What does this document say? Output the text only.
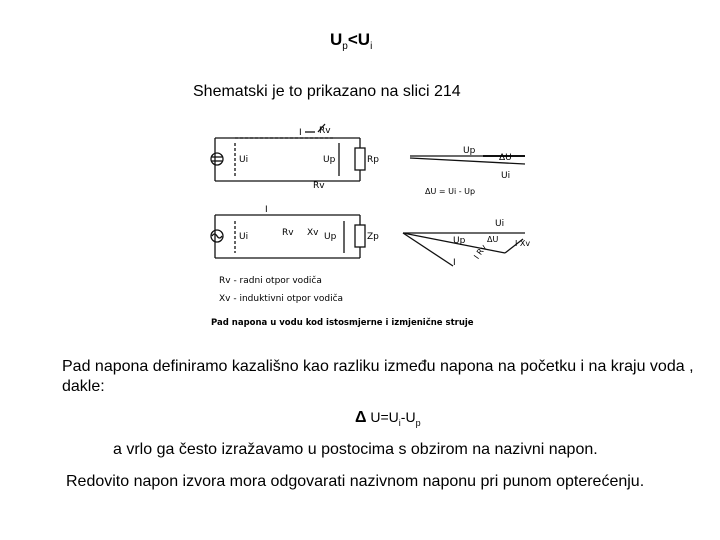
$U_p<U_i$
Shematski je to prikazano na slici 214
Ui
I Rv
Up	Rp
Rv
Up
ΔU
Ui
ΔU = Ui - Up
Ui
I
Rv Xv Up	Zp
Ui
Up	ΔU
I Rv	I Xv
I
Rv - radni otpor vodiča
Xv - induktivni otpor vodiča
Pad napona u vodu kod istosmjerne i izmjenične struje
Pad napona definiramo kazališno kao razliku između napona na početku i na kraju voda , dakle:
Δ $U=U_i-U_p$
a vrlo ga često izražavamo u postocima s obzirom na nazivni napon.
Redovito napon izvora mora odgovarati nazivnom naponu pri punom opterećenju.
